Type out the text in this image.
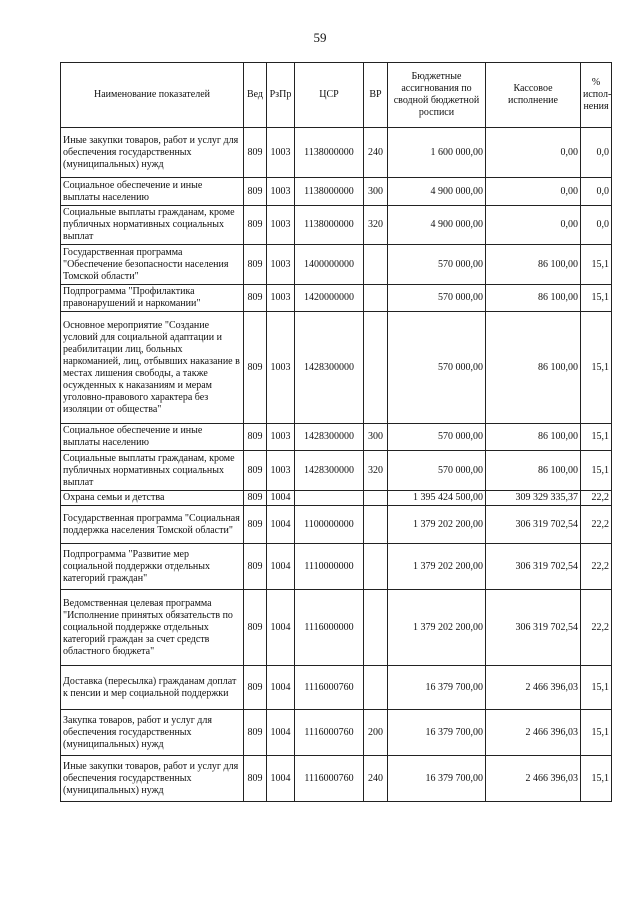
59
Наименование показателей	Вед	РзПр	ЦСР	ВР	Бюджетные ассигнования по сводной бюджетной росписи	Кассовое исполнение	% испол-нения
Иные закупки товаров, работ и услуг для обеспечения государственных (муниципальных) нужд	809	1003	1138000000	240	1 600 000,00	0,00	0,0
Социальное обеспечение и иные выплаты населению	809	1003	1138000000	300	4 900 000,00	0,00	0,0
Социальные выплаты гражданам, кроме публичных нормативных социальных выплат	809	1003	1138000000	320	4 900 000,00	0,00	0,0
Государственная программа "Обеспечение безопасности населения Томской области"	809	1003	1400000000		570 000,00	86 100,00	15,1
Подпрограмма "Профилактика правонарушений и наркомании"	809	1003	1420000000		570 000,00	86 100,00	15,1
Основное мероприятие "Создание условий для социальной адаптации и реабилитации лиц, больных наркоманией, лиц, отбывших наказание в местах лишения свободы, а также осужденных к наказаниям и мерам уголовно-правового характера без изоляции от общества"	809	1003	1428300000		570 000,00	86 100,00	15,1
Социальное обеспечение и иные выплаты населению	809	1003	1428300000	300	570 000,00	86 100,00	15,1
Социальные выплаты гражданам, кроме публичных нормативных социальных выплат	809	1003	1428300000	320	570 000,00	86 100,00	15,1
Охрана семьи и детства	809	1004			1 395 424 500,00	309 329 335,37	22,2
Государственная программа "Социальная поддержка населения Томской области"	809	1004	1100000000		1 379 202 200,00	306 319 702,54	22,2
Подпрограмма "Развитие мер социальной поддержки отдельных категорий граждан"	809	1004	1110000000		1 379 202 200,00	306 319 702,54	22,2
Ведомственная целевая программа "Исполнение принятых обязательств по социальной поддержке отдельных категорий граждан за счет средств областного бюджета"	809	1004	1116000000		1 379 202 200,00	306 319 702,54	22,2
Доставка (пересылка) гражданам доплат к пенсии и мер социальной поддержки	809	1004	1116000760		16 379 700,00	2 466 396,03	15,1
Закупка товаров, работ и услуг для обеспечения государственных (муниципальных) нужд	809	1004	1116000760	200	16 379 700,00	2 466 396,03	15,1
Иные закупки товаров, работ и услуг для обеспечения государственных (муниципальных) нужд	809	1004	1116000760	240	16 379 700,00	2 466 396,03	15,1
